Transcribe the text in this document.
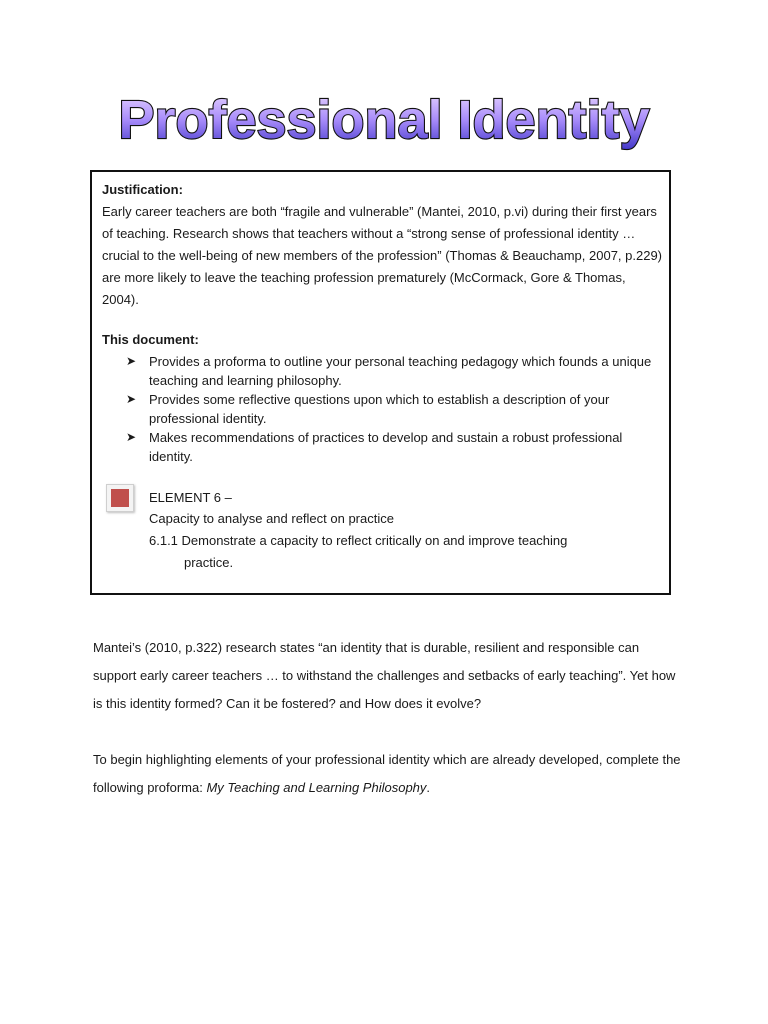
Professional Identity
Justification:

Early career teachers are both “fragile and vulnerable” (Mantei, 2010, p.vi) during their first years of teaching. Research shows that teachers without a “strong sense of professional identity … crucial to the well-being of new members of the profession” (Thomas & Beauchamp, 2007, p.229) are more likely to leave the teaching profession prematurely (McCormack, Gore & Thomas, 2004).

This document:
➤ Provides a proforma to outline your personal teaching pedagogy which founds a unique teaching and learning philosophy.
➤ Provides some reflective questions upon which to establish a description of your professional identity.
➤ Makes recommendations of practices to develop and sustain a robust professional identity.
ELEMENT 6 –
Capacity to analyse and reflect on practice
6.1.1 Demonstrate a capacity to reflect critically on and improve teaching
practice.

Mantei’s (2010, p.322) research states “an identity that is durable, resilient and responsible can support early career teachers … to withstand the challenges and setbacks of early teaching”. Yet how is this identity formed? Can it be fostered? and How does it evolve?

To begin highlighting elements of your professional identity which are already developed, complete the following proforma: My Teaching and Learning Philosophy.
